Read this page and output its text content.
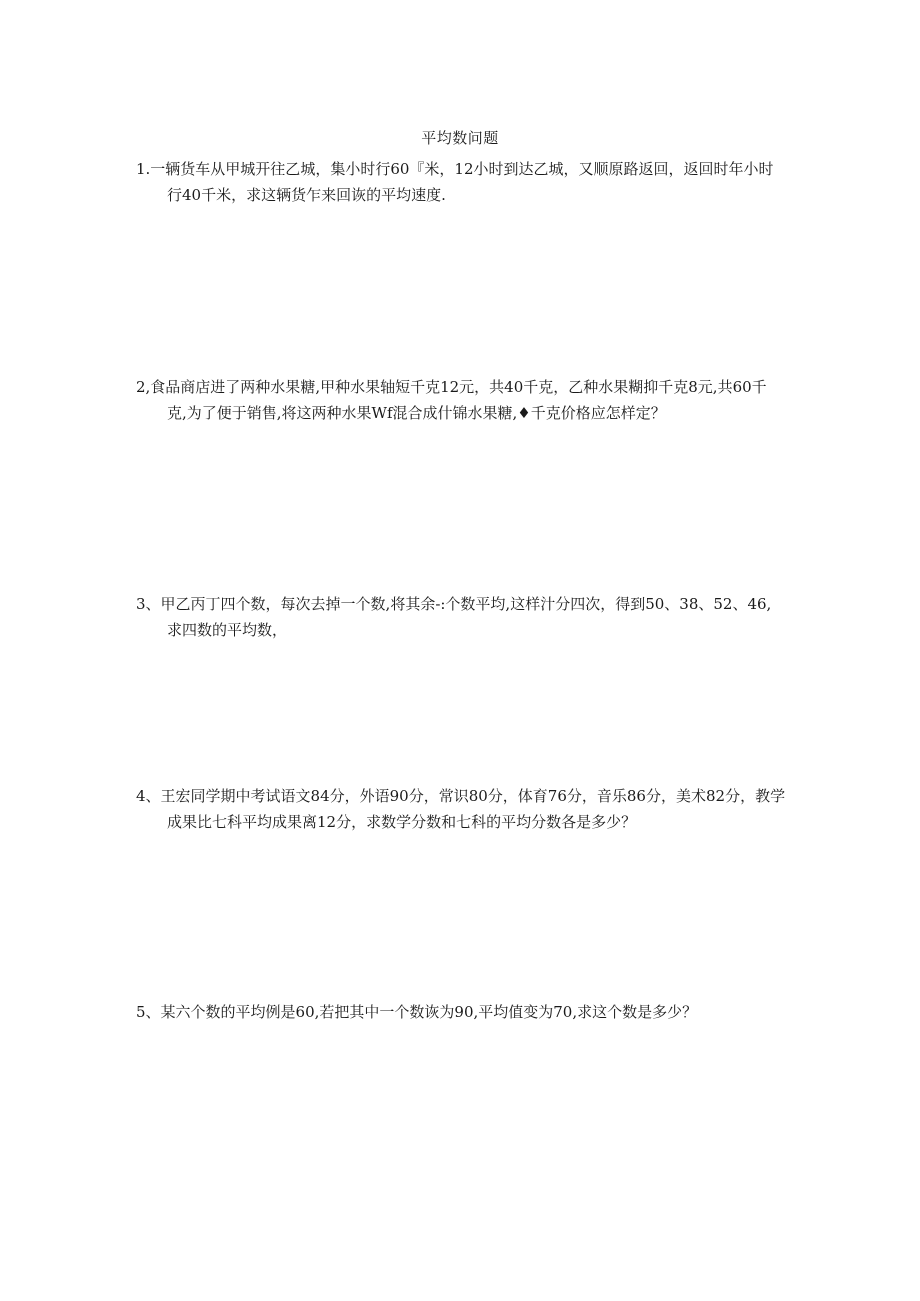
平均数问题
1.一辆货车从甲城开往乙城，集小时行60『米，12小时到达乙城，又顺原路返回，返回时年小时
行40千米，求这辆货乍来回诙的平均速度.
2,食品商店进了两种水果糖,甲种水果轴短千克12元，共40千克，乙种水果糊抑千克8元,共60千
克,为了便于销售,将这两种水果Wf混合成什锦水果糖,♦千克价格应怎样定？
3、甲乙丙丁四个数，每次去掉一个数,将其余-:个数平均,这样汁分四次，得到50、38、52、46,
求四数的平均数，
4、王宏同学期中考试语文84分，外语90分，常识80分，体育76分，音乐86分，美术82分，教学
成果比七科平均成果离12分，求数学分数和七科的平均分数各是多少？
5、某六个数的平均例是60,若把其中一个数诙为90,平均值变为70,求这个数是多少？
